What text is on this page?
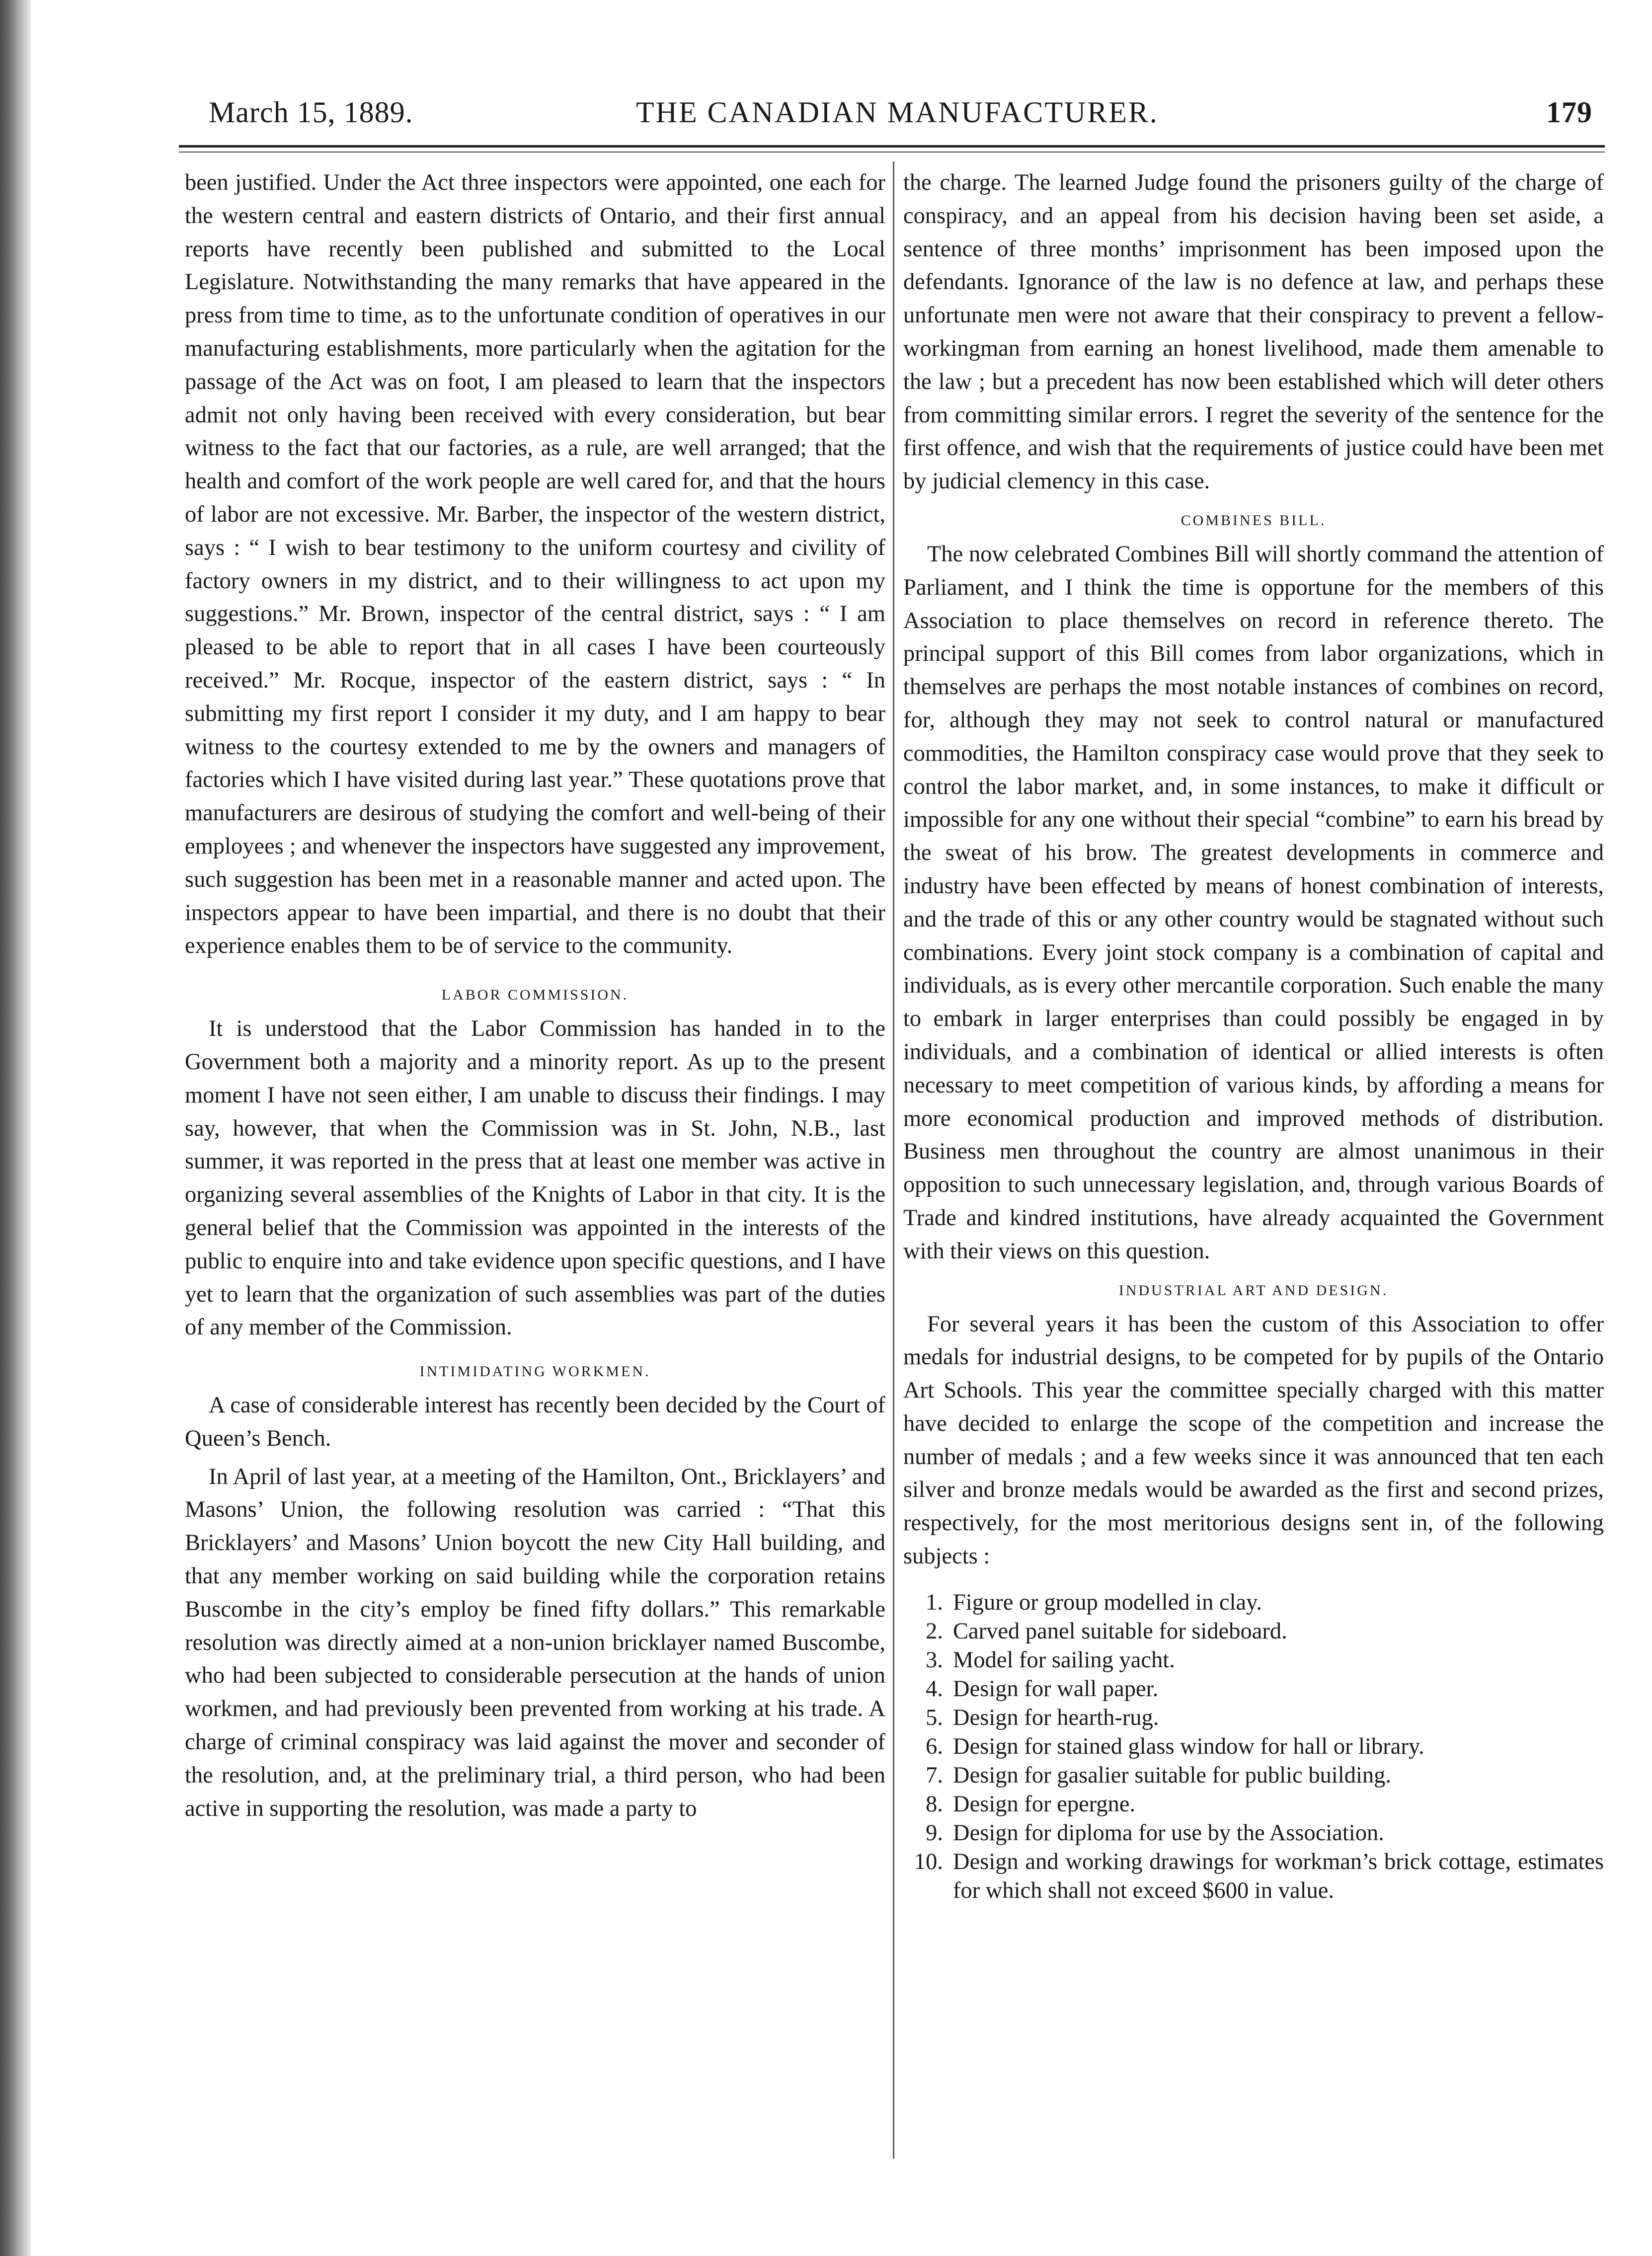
March 15, 1889.	THE CANADIAN MANUFACTURER.	179

been justified. Under the Act three inspectors were appointed, one each for the western central and eastern districts of Ontario, and their first annual reports have recently been published and submitted to the Local Legislature. Notwithstanding the many remarks that have appeared in the press from time to time, as to the unfortunate condition of operatives in our manufacturing establishments, more particularly when the agitation for the passage of the Act was on foot, I am pleased to learn that the inspectors admit not only having been received with every consideration, but bear witness to the fact that our factories, as a rule, are well arranged; that the health and comfort of the work people are well cared for, and that the hours of labor are not excessive. Mr. Barber, the inspector of the western district, says : “ I wish to bear testimony to the uniform courtesy and civility of factory owners in my district, and to their willingness to act upon my suggestions.” Mr. Brown, inspector of the central district, says : “ I am pleased to be able to report that in all cases I have been courteously received.” Mr. Rocque, inspector of the eastern district, says : “ In submitting my first report I consider it my duty, and I am happy to bear witness to the courtesy extended to me by the owners and managers of factories which I have visited during last year.” These quotations prove that manufacturers are desirous of studying the comfort and well-being of their employees ; and whenever the inspectors have suggested any improvement, such suggestion has been met in a reasonable manner and acted upon. The inspectors appear to have been impartial, and there is no doubt that their experience enables them to be of service to the community.

LABOR COMMISSION.

It is understood that the Labor Commission has handed in to the Government both a majority and a minority report. As up to the present moment I have not seen either, I am unable to discuss their findings. I may say, however, that when the Commission was in St. John, N.B., last summer, it was reported in the press that at least one member was active in organizing several assemblies of the Knights of Labor in that city. It is the general belief that the Commission was appointed in the interests of the public to enquire into and take evidence upon specific questions, and I have yet to learn that the organization of such assemblies was part of the duties of any member of the Commission.

INTIMIDATING WORKMEN.

A case of considerable interest has recently been decided by the Court of Queen’s Bench.

In April of last year, at a meeting of the Hamilton, Ont., Bricklayers’ and Masons’ Union, the following resolution was carried : “That this Bricklayers’ and Masons’ Union boycott the new City Hall building, and that any member working on said building while the corporation retains Buscombe in the city’s employ be fined fifty dollars.” This remarkable resolution was directly aimed at a non-union bricklayer named Buscombe, who had been subjected to considerable persecution at the hands of union workmen, and had previously been prevented from working at his trade. A charge of criminal conspiracy was laid against the mover and seconder of the resolution, and, at the preliminary trial, a third person, who had been active in supporting the resolution, was made a party to

the charge. The learned Judge found the prisoners guilty of the charge of conspiracy, and an appeal from his decision having been set aside, a sentence of three months’ imprisonment has been imposed upon the defendants. Ignorance of the law is no defence at law, and perhaps these unfortunate men were not aware that their conspiracy to prevent a fellow-workingman from earning an honest livelihood, made them amenable to the law ; but a precedent has now been established which will deter others from committing similar errors. I regret the severity of the sentence for the first offence, and wish that the requirements of justice could have been met by judicial clemency in this case.

COMBINES BILL.

The now celebrated Combines Bill will shortly command the attention of Parliament, and I think the time is opportune for the members of this Association to place themselves on record in reference thereto. The principal support of this Bill comes from labor organizations, which in themselves are perhaps the most notable instances of combines on record, for, although they may not seek to control natural or manufactured commodities, the Hamilton conspiracy case would prove that they seek to control the labor market, and, in some instances, to make it difficult or impossible for any one without their special “combine” to earn his bread by the sweat of his brow. The greatest developments in commerce and industry have been effected by means of honest combination of interests, and the trade of this or any other country would be stagnated without such combinations. Every joint stock company is a combination of capital and individuals, as is every other mercantile corporation. Such enable the many to embark in larger enterprises than could possibly be engaged in by individuals, and a combination of identical or allied interests is often necessary to meet competition of various kinds, by affording a means for more economical production and improved methods of distribution. Business men throughout the country are almost unanimous in their opposition to such unnecessary legislation, and, through various Boards of Trade and kindred institutions, have already acquainted the Government with their views on this question.

INDUSTRIAL ART AND DESIGN.

For several years it has been the custom of this Association to offer medals for industrial designs, to be competed for by pupils of the Ontario Art Schools. This year the committee specially charged with this matter have decided to enlarge the scope of the competition and increase the number of medals ; and a few weeks since it was announced that ten each silver and bronze medals would be awarded as the first and second prizes, respectively, for the most meritorious designs sent in, of the following subjects :

1. Figure or group modelled in clay.
2. Carved panel suitable for sideboard.
3. Model for sailing yacht.
4. Design for wall paper.
5. Design for hearth-rug.
6. Design for stained glass window for hall or library.
7. Design for gasalier suitable for public building.
8. Design for epergne.
9. Design for diploma for use by the Association.
10. Design and working drawings for workman’s brick cottage, estimates for which shall not exceed $600 in value.
